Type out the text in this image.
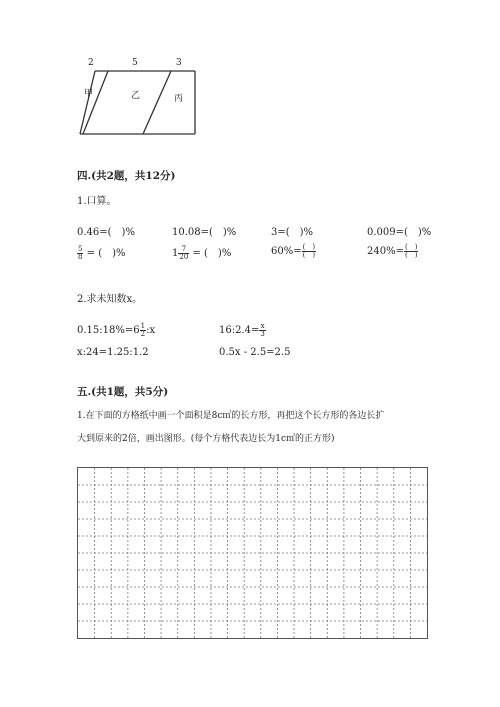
2	5	3
甲	乙	丙
四.(共2题，共12分)
1.口算。
0.46=(　)%	10.08=(　)%	3=(　)%	0.009=(　)%
$\frac{5}{8}$ = (　)%	$1 \frac{7}{20}$ = (　)%	$60\%= \frac{( )}{( )}$	$240\%= \frac{( )}{( )}$
2.求未知数x。
0.15:18%=6 $\frac{1}{2}$ :x	16:2.4= $\frac{x}{3}$
x:24=1.25:1.2	0.5x - 2.5=2.5
五.(共1题，共5分)
1.在下面的方格纸中画一个面积是8c㎡的长方形，再把这个长方形的各边长扩
大到原来的2倍，画出图形。(每个方格代表边长为1c㎡的正方形)
